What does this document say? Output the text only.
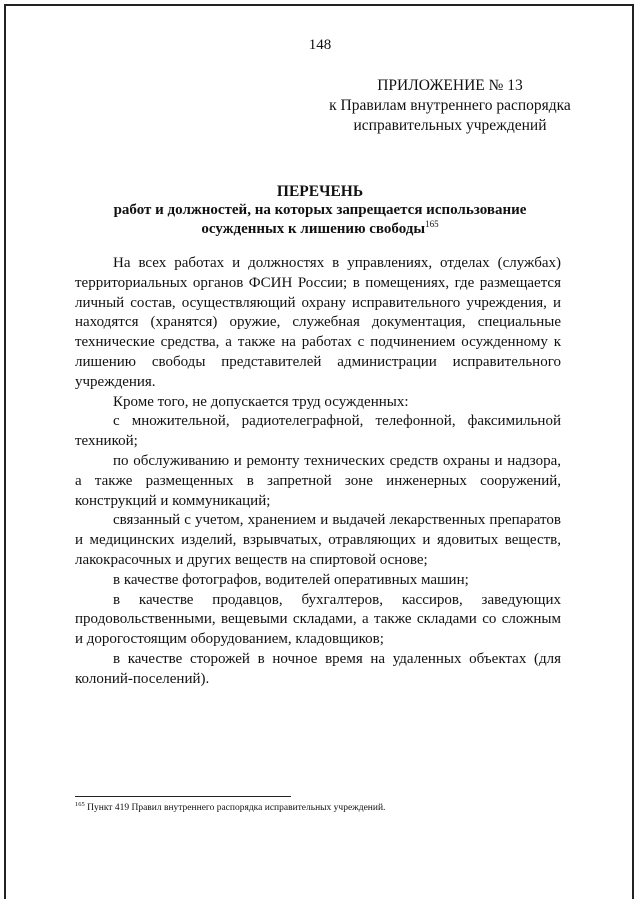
148
ПРИЛОЖЕНИЕ № 13
к Правилам внутреннего распорядка
исправительных учреждений
ПЕРЕЧЕНЬ
работ и должностей, на которых запрещается использование
осужденных к лишению свободы$^{165}$

На всех работах и должностях в управлениях, отделах (службах) территориальных органов ФСИН России; в помещениях, где размещается личный состав, осуществляющий охрану исправительного учреждения, и находятся (хранятся) оружие, служебная документация, специальные технические средства, а также на работах с подчинением осужденному к лишению свободы представителей администрации исправительного учреждения.

Кроме того, не допускается труд осужденных:

с множительной, радиотелеграфной, телефонной, факсимильной техникой;

по обслуживанию и ремонту технических средств охраны и надзора, а также размещенных в запретной зоне инженерных сооружений, конструкций и коммуникаций;

связанный с учетом, хранением и выдачей лекарственных препаратов и медицинских изделий, взрывчатых, отравляющих и ядовитых веществ, лакокрасочных и других веществ на спиртовой основе;

в качестве фотографов, водителей оперативных машин;

в качестве продавцов, бухгалтеров, кассиров, заведующих продовольственными, вещевыми складами, а также складами со сложным и дорогостоящим оборудованием, кладовщиков;

в качестве сторожей в ночное время на удаленных объектах (для колоний-поселений).

$^{165}$ Пункт 419 Правил внутреннего распорядка исправительных учреждений.
